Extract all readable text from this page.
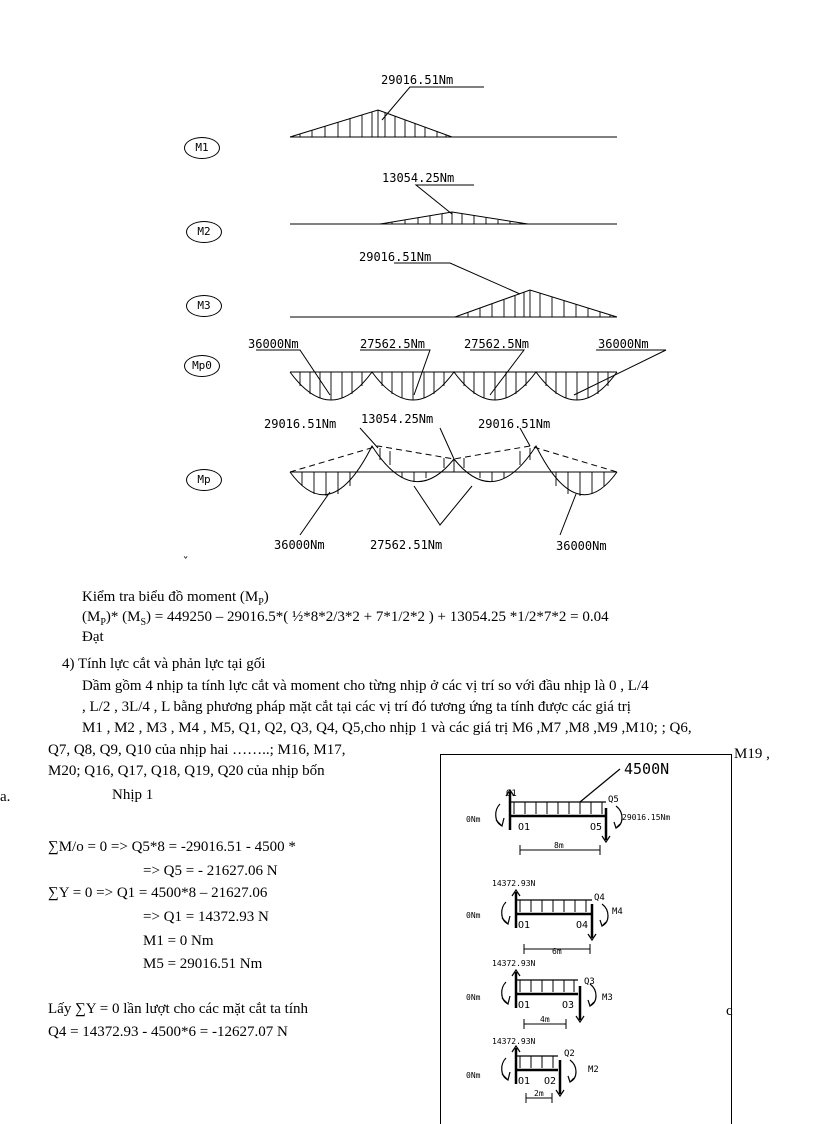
29016.51Nm
13054.25Nm
29016.51Nm
36000Nm	27562.5Nm	27562.5Nm	36000Nm
29016.51Nm 13054.25Nm	29016.51Nm
36000Nm	27562.51Nm	36000Nm
ˇ
M1
M2
M3
Mp0
Mp
Kiểm tra biểu đồ moment $(M_P)$
$(M_P)*$ $(M_S) = 449250 - 29016.5*$( ½*8*2/3*2 + 7*1/2*2 ) + 13054.25 *1/2*7*2 = 0.04
Đạt
4) Tính lực cắt và phản lực tại gối
Dầm gồm 4 nhịp ta tính lực cắt và moment cho từng nhịp ở các vị trí so với đầu nhịp là 0 , L/4
, L/2 , 3L/4 , L bằng phương pháp mặt cắt tại các vị trí đó tương ứng ta tính được các giá trị
M1 , M2 , M3 , M4 , M5, Q1, Q2, Q3, Q4, Q5,cho nhịp 1 và các giá trị M6 ,M7 ,M8 ,M9 ,M10; ; Q6,
Q7, Q8, Q9, Q10 của nhịp hai ……..; M16, M17,	M19 ,
M20; Q16, Q17, Q18, Q19, Q20 của nhịp bốn
a.	Nhịp 1
∑M/o = 0 => Q5*8 = -29016.51 - 4500 *
=> Q5 = - 21627.06 N
∑Y = 0 => Q1 = 4500*8 – 21627.06
=> Q1 = 14372.93 N
M1 = 0 Nm
M5 = 29016.51 Nm
Lấy ∑Y = 0 lần lượt cho các mặt cắt ta tính
Q4 = 14372.93 - 4500*6 = -12627.07 N
c
4500N
0Nm
Q1
Q5
29016.15Nm
O1	O5
8m
14372.93N
0Nm
Q4
M4
O1	O4
6m
14372.93N
0Nm
Q3
M3
O1	O3
4m
14372.93N
0Nm
Q2
M2
O1 O2
2m
